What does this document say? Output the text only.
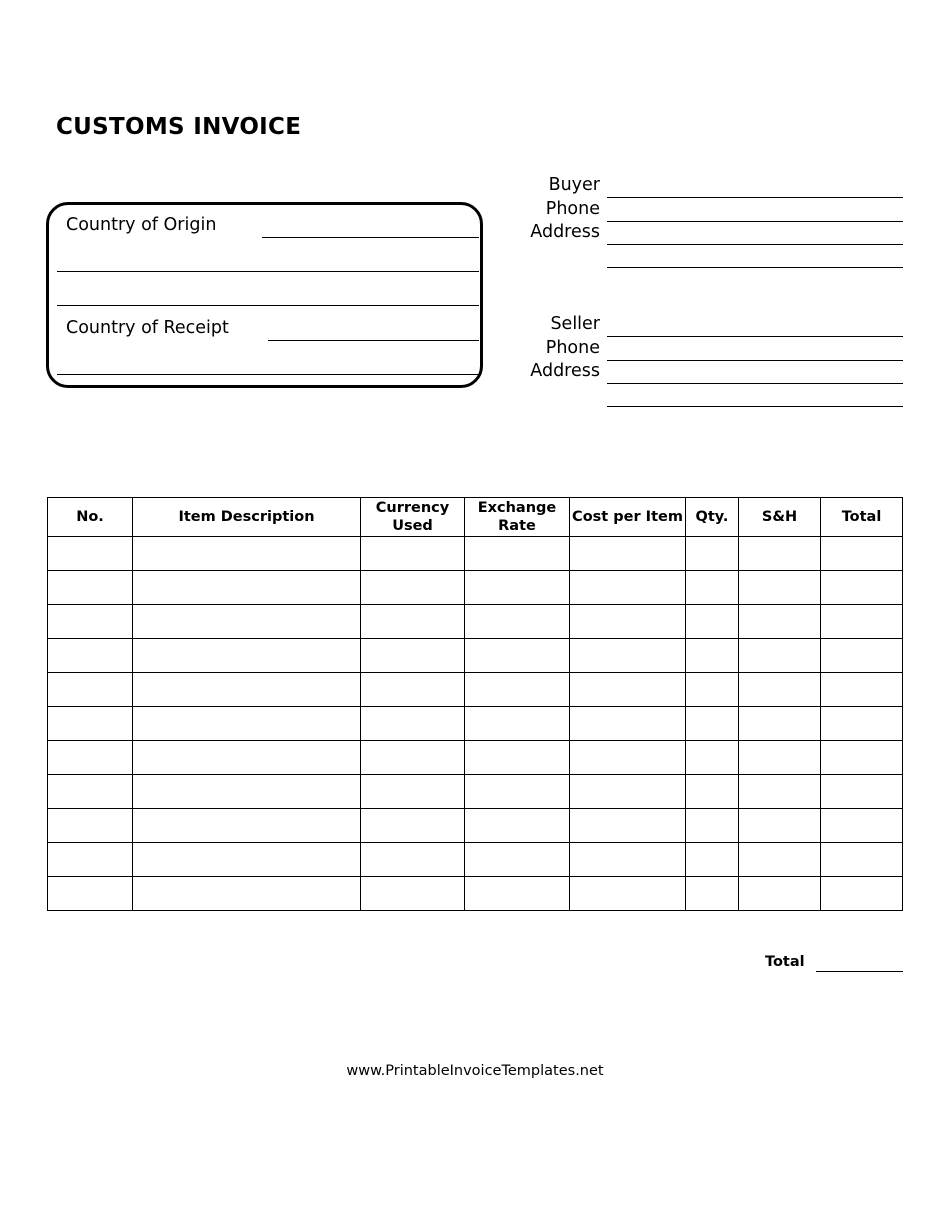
CUSTOMS INVOICE
Country of Origin
Country of Receipt
Buyer
Phone
Address
Seller
Phone
Address
No.	Item Description	Currency Used	Exchange Rate	Cost per Item	Qty.	S&H	Total

Total
www.PrintableInvoiceTemplates.net
